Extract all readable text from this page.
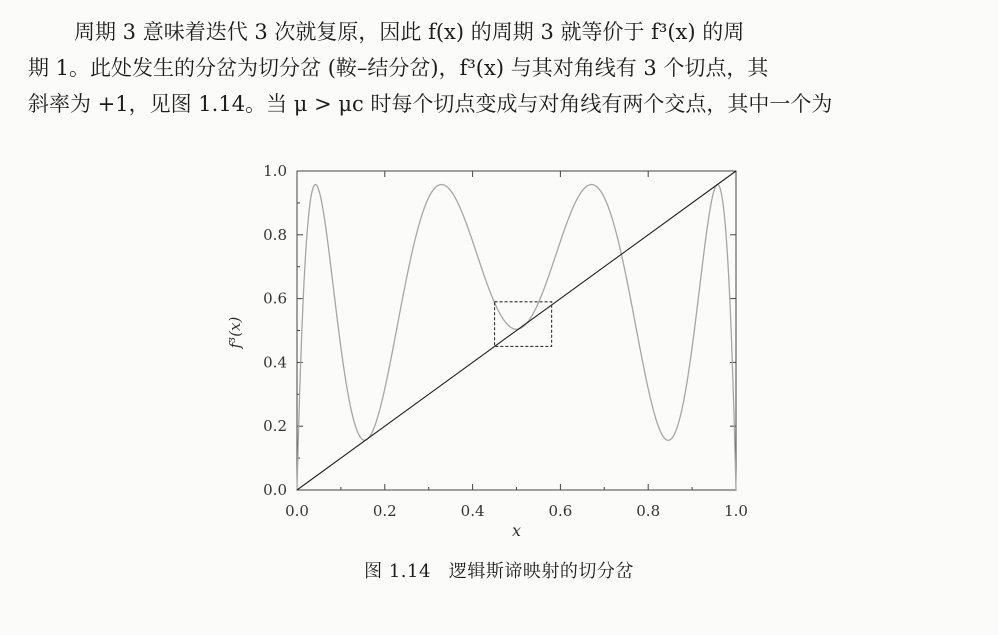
周期 3 意味着迭代 3 次就复原，因此 f(x) 的周期 3 就等价于 f³(x) 的周

期 1。此处发生的分岔为切分岔 (鞍–结分岔)，f³(x) 与其对角线有 3 个切点，其

斜率为 +1，见图 1.14。当 μ > μc 时每个切点变成与对角线有两个交点，其中一个为

0.0	0.2	0.4	0.6	0.8	1.0
0.0
0.2
0.4
0.6
0.8
1.0
x
f³(x)
图 1.14 逻辑斯谛映射的切分岔
